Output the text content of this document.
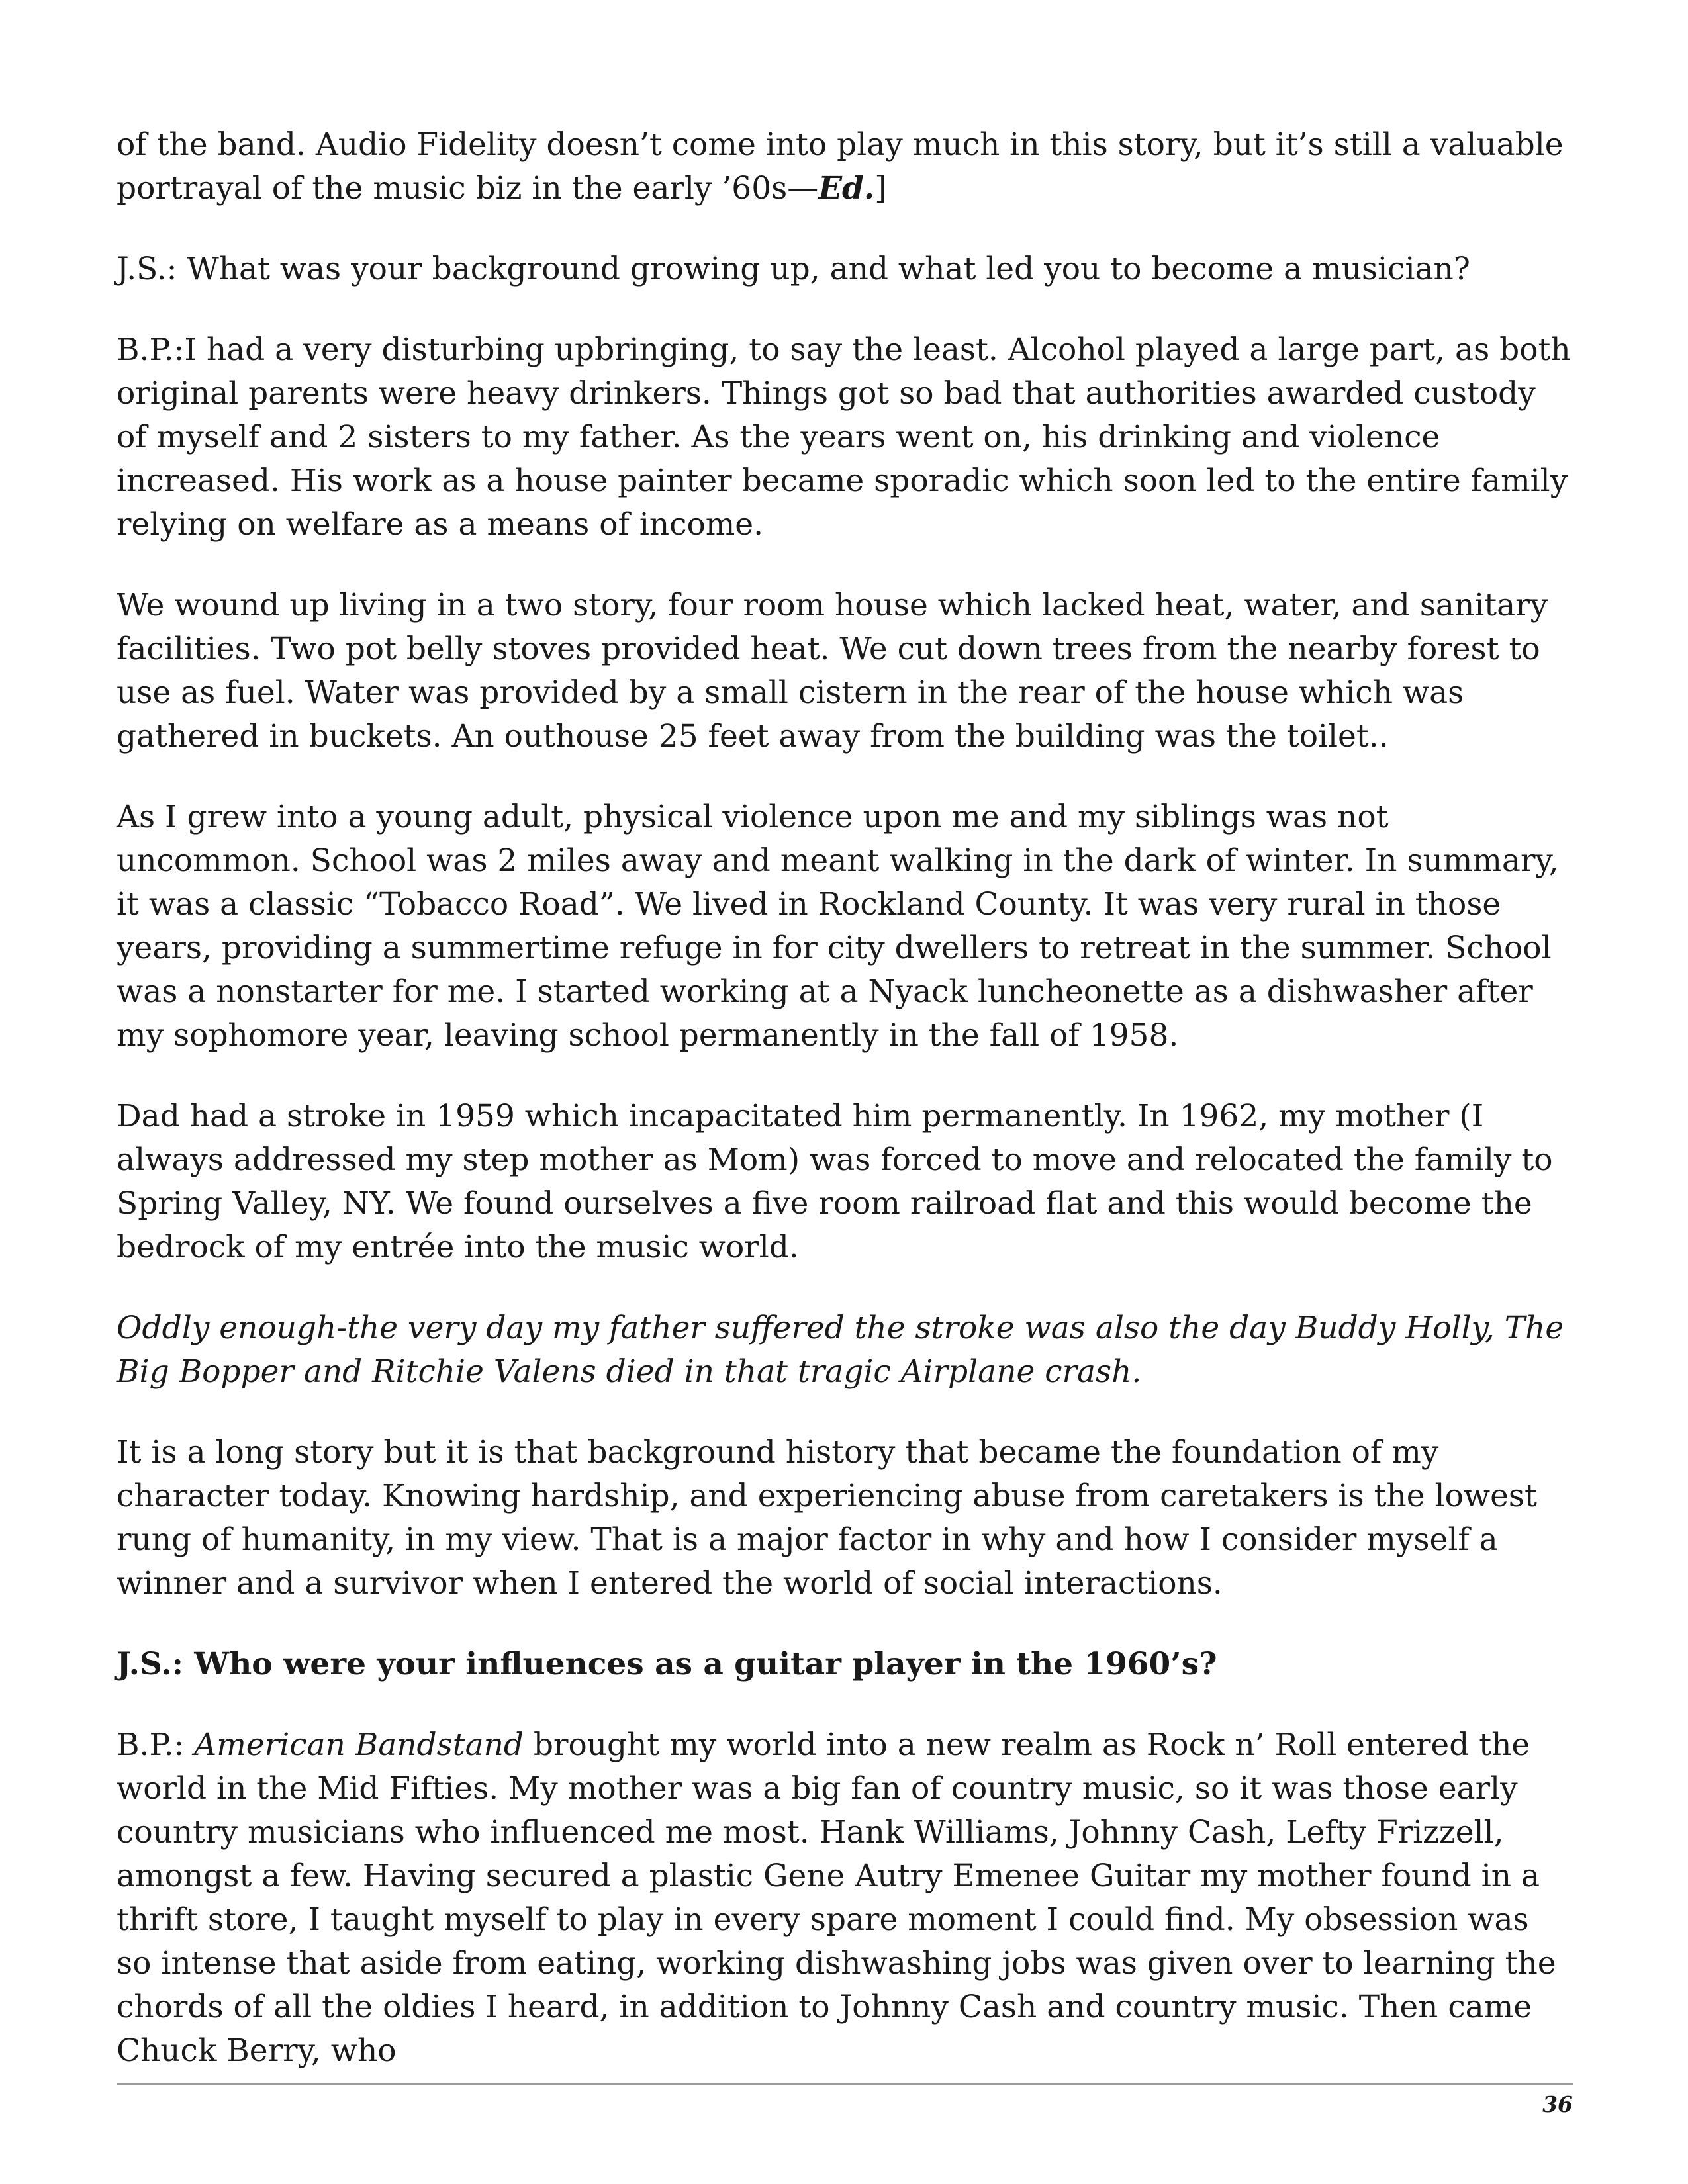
of the band. Audio Fidelity doesn’t come into play much in this story, but it’s still a valuable portrayal of the music biz in the early ’60s—Ed.]

J.S.: What was your background growing up, and what led you to become a musician?

B.P.:I had a very disturbing upbringing, to say the least. Alcohol played a large part, as both original parents were heavy drinkers. Things got so bad that authorities awarded custody of myself and 2 sisters to my father. As the years went on, his drinking and violence increased. His work as a house painter became sporadic which soon led to the entire family relying on welfare as a means of income.

We wound up living in a two story, four room house which lacked heat, water, and sanitary facilities. Two pot belly stoves provided heat. We cut down trees from the nearby forest to use as fuel. Water was provided by a small cistern in the rear of the house which was gathered in buckets. An outhouse 25 feet away from the building was the toilet..

As I grew into a young adult, physical violence upon me and my siblings was not uncommon. School was 2 miles away and meant walking in the dark of winter. In summary, it was a classic “Tobacco Road”. We lived in Rockland County. It was very rural in those years, providing a summertime refuge in for city dwellers to retreat in the summer. School was a nonstarter for me. I started working at a Nyack luncheonette as a dishwasher after my sophomore year, leaving school permanently in the fall of 1958.

Dad had a stroke in 1959 which incapacitated him permanently. In 1962, my mother (I always addressed my step mother as Mom) was forced to move and relocated the family to Spring Valley, NY. We found ourselves a five room railroad flat and this would become the bedrock of my entrée into the music world.

Oddly enough-the very day my father suffered the stroke was also the day Buddy Holly, The Big Bopper and Ritchie Valens died in that tragic Airplane crash.

It is a long story but it is that background history that became the foundation of my character today. Knowing hardship, and experiencing abuse from caretakers is the lowest rung of humanity, in my view. That is a major factor in why and how I consider myself a winner and a survivor when I entered the world of social interactions.

J.S.: Who were your influences as a guitar player in the 1960’s?

B.P.: American Bandstand brought my world into a new realm as Rock n’ Roll entered the world in the Mid Fifties. My mother was a big fan of country music, so it was those early country musicians who influenced me most. Hank Williams, Johnny Cash, Lefty Frizzell, amongst a few. Having secured a plastic Gene Autry Emenee Guitar my mother found in a thrift store, I taught myself to play in every spare moment I could find. My obsession was so intense that aside from eating, working dishwashing jobs was given over to learning the chords of all the oldies I heard, in addition to Johnny Cash and country music. Then came Chuck Berry, who

36
